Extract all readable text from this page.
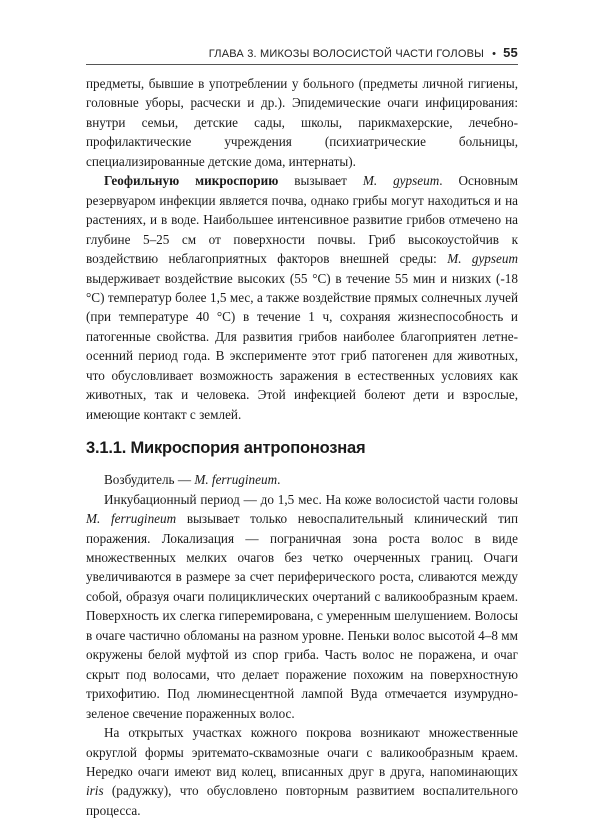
ГЛАВА 3. МИКОЗЫ ВОЛОСИСТОЙ ЧАСТИ ГОЛОВЫ • 55

предметы, бывшие в употреблении у больного (предметы личной гигиены, головные уборы, расчески и др.). Эпидемические очаги инфицирования: внутри семьи, детские сады, школы, парикмахерские, лечебно-профилактические учреждения (психиатрические больницы, специализированные детские дома, интернаты).

Геофильную микроспорию вызывает M. gypseum. Основным резервуаром инфекции является почва, однако грибы могут находиться и на растениях, и в воде. Наибольшее интенсивное развитие грибов отмечено на глубине 5–25 см от поверхности почвы. Гриб высокоустойчив к воздействию неблагоприятных факторов внешней среды: M. gypseum выдерживает воздействие высоких (55 °С) в течение 55 мин и низких (-18 °С) температур более 1,5 мес, а также воздействие прямых солнечных лучей (при температуре 40 °С) в течение 1 ч, сохраняя жизнеспособность и патогенные свойства. Для развития грибов наиболее благоприятен летне-осенний период года. В эксперименте этот гриб патогенен для животных, что обусловливает возможность заражения в естественных условиях как животных, так и человека. Этой инфекцией болеют дети и взрослые, имеющие контакт с землей.

3.1.1. Микроспория антропонозная

Возбудитель — M. ferrugineum.

Инкубационный период — до 1,5 мес. На коже волосистой части головы M. ferrugineum вызывает только невоспалительный клинический тип поражения. Локализация — пограничная зона роста волос в виде множественных мелких очагов без четко очерченных границ. Очаги увеличиваются в размере за счет периферического роста, сливаются между собой, образуя очаги полициклических очертаний с валикообразным краем. Поверхность их слегка гиперемирована, с умеренным шелушением. Волосы в очаге частично обломаны на разном уровне. Пеньки волос высотой 4–8 мм окружены белой муфтой из спор гриба. Часть волос не поражена, и очаг скрыт под волосами, что делает поражение похожим на поверхностную трихофитию. Под люминесцентной лампой Вуда отмечается изумрудно-зеленое свечение пораженных волос.

На открытых участках кожного покрова возникают множественные округлой формы эритемато-сквамозные очаги с валикообразным краем. Нередко очаги имеют вид колец, вписанных друг в друга, напоминающих iris (радужку), что обусловлено повторным развитием воспалительного процесса.
